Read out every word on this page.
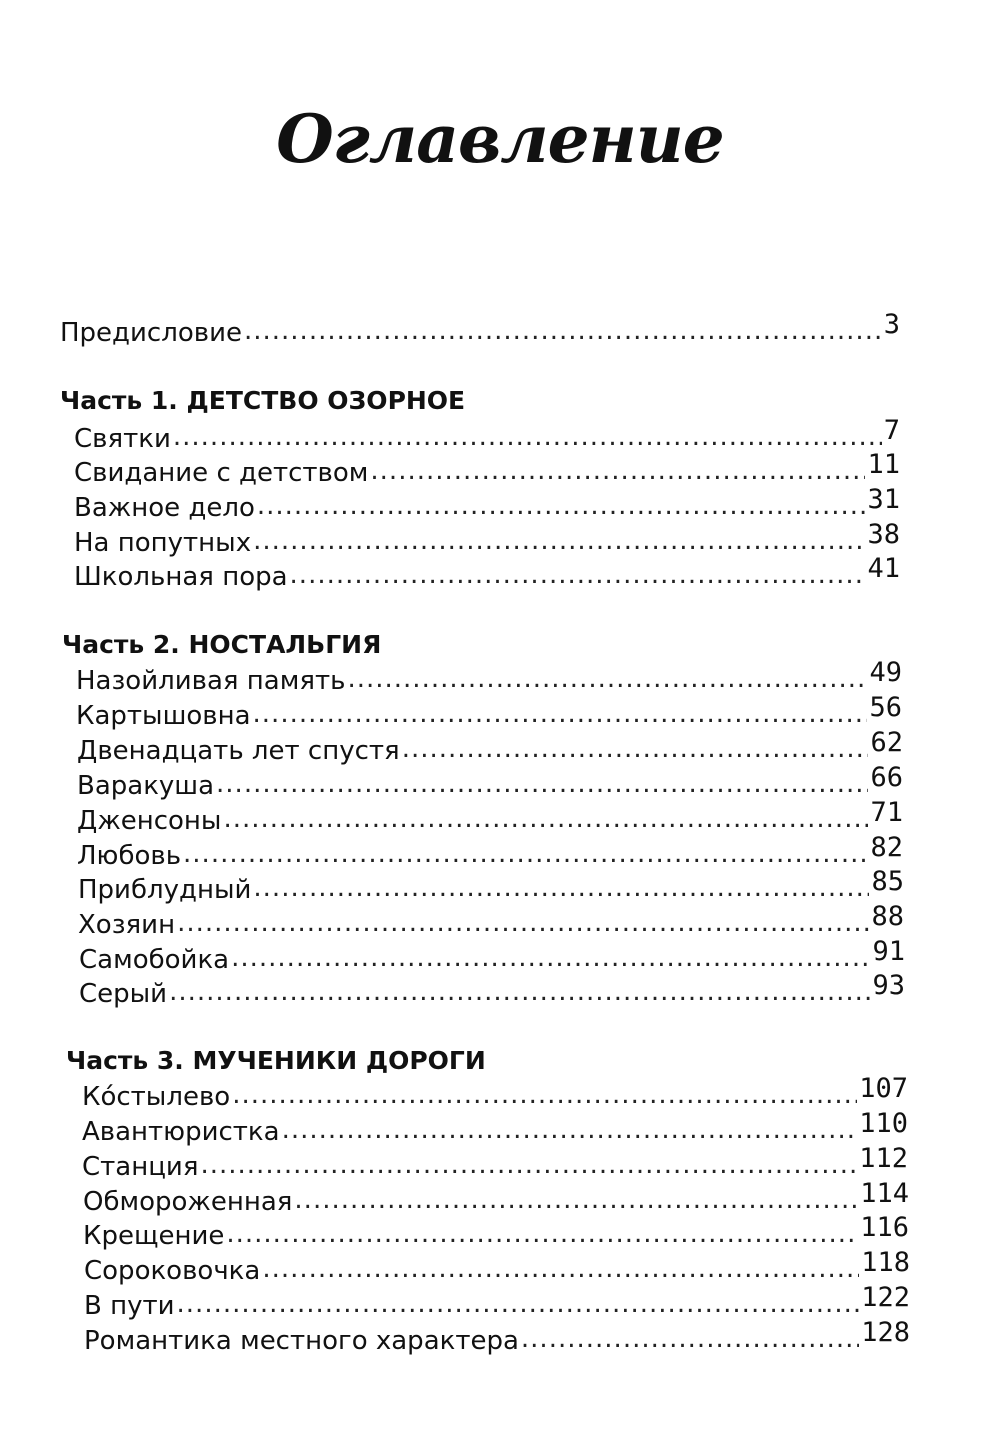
Оглавление
Предисловие .....	3
Часть 1. ДЕТСТВО ОЗОРНОЕ
Святки .....	7
Свидание с детством .....	11
Важное дело .....	31
На попутных .....	38
Школьная пора .....	41
Часть 2. НОСТАЛЬГИЯ
Назойливая память .....	49
Картышовна .....	56
Двенадцать лет спустя .....	62
Варакуша .....	66
Дженсоны .....	71
Любовь .....	82
Приблудный .....	85
Хозяин .....	88
Самобойка .....	91
Серый .....	93
Часть 3. МУЧЕНИКИ ДОРОГИ
Ко́стылево .....	107
Авантюристка .....	110
Станция .....	112
Обмороженная .....	114
Крещение .....	116
Сороковочка .....	118
В пути .....	122
Романтика местного характера .....	128
